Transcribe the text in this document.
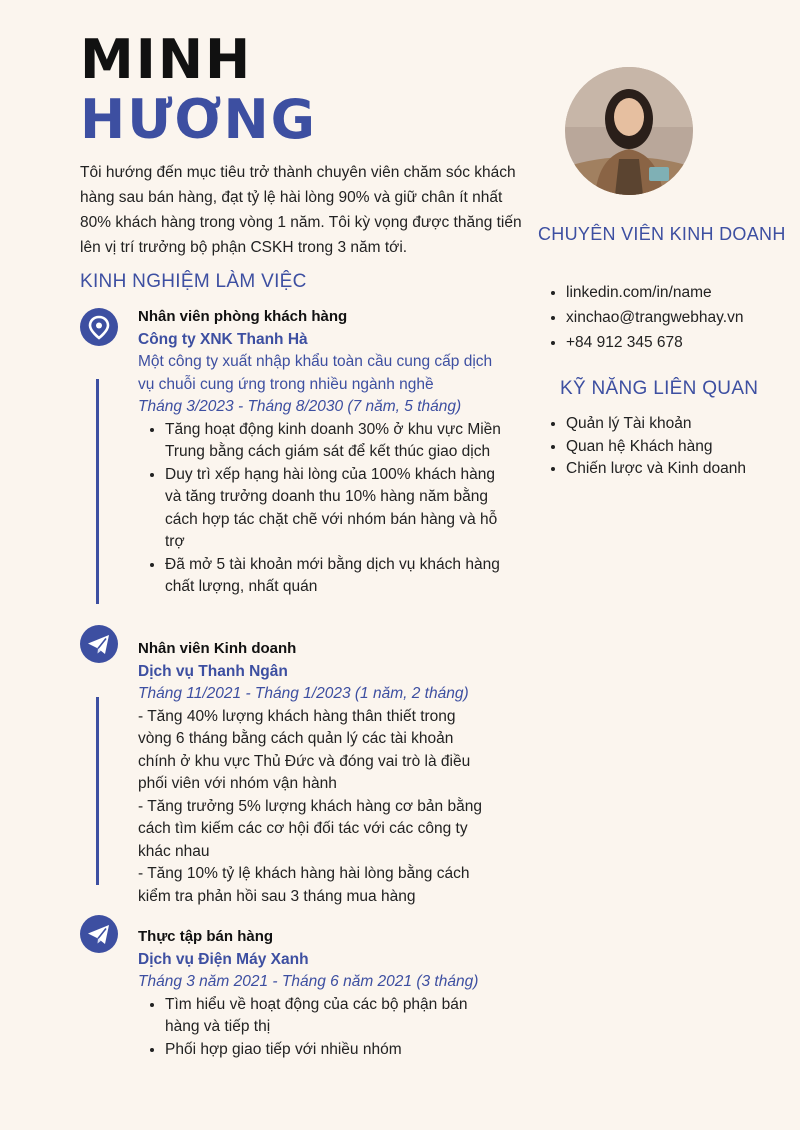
MINH
HƯƠNG
Tôi hướng đến mục tiêu trở thành chuyên viên chăm sóc khách hàng sau bán hàng, đạt tỷ lệ hài lòng 90% và giữ chân ít nhất 80% khách hàng trong vòng 1 năm. Tôi kỳ vọng được thăng tiến lên vị trí trưởng bộ phận CSKH trong 3 năm tới.
CHUYÊN VIÊN KINH DOANH
• linkedin.com/in/name
• xinchao@trangwebhay.vn
• +84 912 345 678
KỸ NĂNG LIÊN QUAN
• Quản lý Tài khoản
• Quan hệ Khách hàng
• Chiến lược và Kinh doanh
KINH NGHIỆM LÀM VIỆC
Nhân viên phòng khách hàng
Công ty XNK Thanh Hà
Một công ty xuất nhập khẩu toàn cầu cung cấp dịch vụ chuỗi cung ứng trong nhiều ngành nghề
Tháng 3/2023 - Tháng 8/2030 (7 năm, 5 tháng)
• Tăng hoạt động kinh doanh 30% ở khu vực Miền Trung bằng cách giám sát để kết thúc giao dịch
• Duy trì xếp hạng hài lòng của 100% khách hàng và tăng trưởng doanh thu 10% hàng năm bằng cách hợp tác chặt chẽ với nhóm bán hàng và hỗ trợ
• Đã mở 5 tài khoản mới bằng dịch vụ khách hàng chất lượng, nhất quán
Nhân viên Kinh doanh
Dịch vụ Thanh Ngân
Tháng 11/2021 - Tháng 1/2023 (1 năm, 2 tháng)

- Tăng 40% lượng khách hàng thân thiết trong vòng 6 tháng bằng cách quản lý các tài khoản chính ở khu vực Thủ Đức và đóng vai trò là điều phối viên với nhóm vận hành

- Tăng trưởng 5% lượng khách hàng cơ bản bằng cách tìm kiếm các cơ hội đối tác với các công ty khác nhau

- Tăng 10% tỷ lệ khách hàng hài lòng bằng cách kiểm tra phản hồi sau 3 tháng mua hàng

Thực tập bán hàng
Dịch vụ Điện Máy Xanh
Tháng 3 năm 2021 - Tháng 6 năm 2021 (3 tháng)
• Tìm hiểu về hoạt động của các bộ phận bán hàng và tiếp thị
• Phối hợp giao tiếp với nhiều nhóm
